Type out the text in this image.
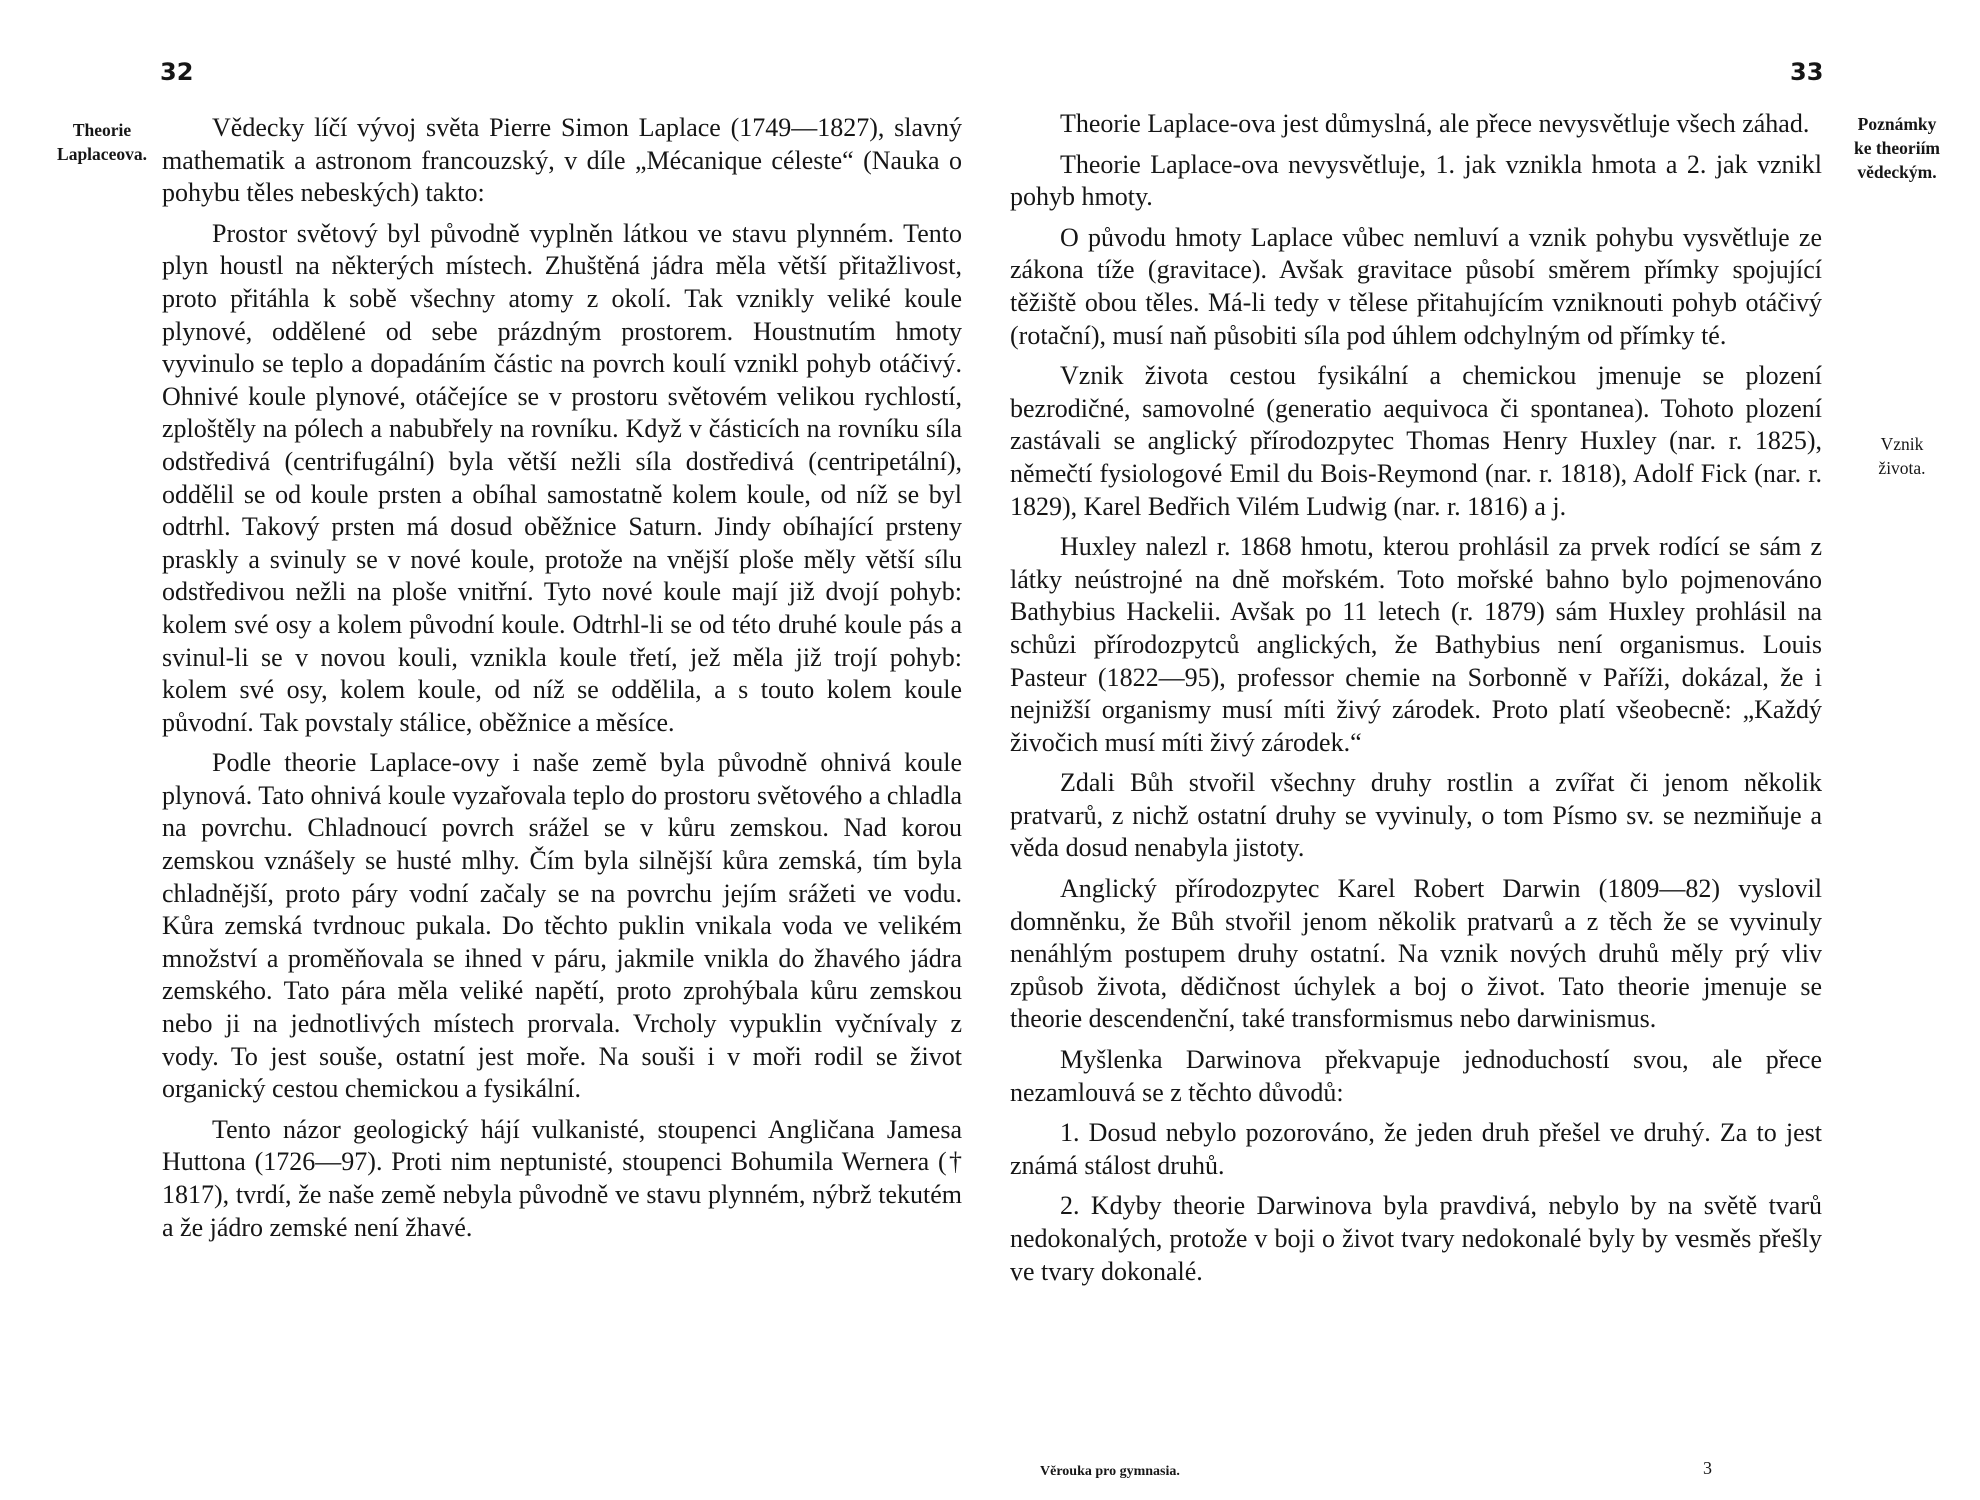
32
Theorie
Laplaceova.

Vědecky líčí vývoj světa Pierre Simon Laplace (1749—1827), slavný mathematik a astronom francouzský, v díle „Mécanique céleste“ (Nauka o pohybu těles nebeských) takto:

Prostor světový byl původně vyplněn látkou ve stavu plynném. Tento plyn houstl na některých místech. Zhuštěná jádra měla větší přitažlivost, proto přitáhla k sobě všechny atomy z okolí. Tak vznikly veliké koule plynové, oddělené od sebe prázdným prostorem. Houstnutím hmoty vyvinulo se teplo a dopadáním částic na povrch koulí vznikl pohyb otáčivý. Ohnivé koule plynové, otáčejíce se v prostoru světovém velikou rychlostí, zploštěly na pólech a nabubřely na rovníku. Když v částicích na rovníku síla odstředivá (centrifugální) byla větší nežli síla dostředivá (centripetální), oddělil se od koule prsten a obíhal samostatně kolem koule, od níž se byl odtrhl. Takový prsten má dosud oběžnice Saturn. Jindy obíhající prsteny praskly a svinuly se v nové koule, protože na vnější ploše měly větší sílu odstředivou nežli na ploše vnitřní. Tyto nové koule mají již dvojí pohyb: kolem své osy a kolem původní koule. Odtrhl-li se od této druhé koule pás a svinul-li se v novou kouli, vznikla koule třetí, jež měla již trojí pohyb: kolem své osy, kolem koule, od níž se oddělila, a s touto kolem koule původní. Tak povstaly stálice, oběžnice a měsíce.

Podle theorie Laplace-ovy i naše země byla původně ohnivá koule plynová. Tato ohnivá koule vyzařovala teplo do prostoru světového a chladla na povrchu. Chladnoucí povrch srážel se v kůru zemskou. Nad korou zemskou vznášely se husté mlhy. Čím byla silnější kůra zemská, tím byla chladnější, proto páry vodní začaly se na povrchu jejím srážeti ve vodu. Kůra zemská tvrdnouc pukala. Do těchto puklin vnikala voda ve velikém množství a proměňovala se ihned v páru, jakmile vnikla do žhavého jádra zemského. Tato pára měla veliké napětí, proto zprohýbala kůru zemskou nebo ji na jednotlivých místech prorvala. Vrcholy vypuklin vyčnívaly z vody. To jest souše, ostatní jest moře. Na souši i v moři rodil se život organický cestou chemickou a fysikální.

Tento názor geologický hájí vulkanisté, stoupenci Angličana Jamesa Huttona (1726—97). Proti nim neptunisté, stoupenci Bohumila Wernera († 1817), tvrdí, že naše země nebyla původně ve stavu plynném, nýbrž tekutém a že jádro zemské není žhavé.

33
Poznámky
ke theoriím
vědeckým.
Vznik
života.

Theorie Laplace-ova jest důmyslná, ale přece nevysvětluje všech záhad.

Theorie Laplace-ova nevysvětluje, 1. jak vznikla hmota a 2. jak vznikl pohyb hmoty.

O původu hmoty Laplace vůbec nemluví a vznik pohybu vysvětluje ze zákona tíže (gravitace). Avšak gravitace působí směrem přímky spojující těžiště obou těles. Má-li tedy v tělese přitahujícím vzniknouti pohyb otáčivý (rotační), musí naň působiti síla pod úhlem odchylným od přímky té.

Vznik života cestou fysikální a chemickou jmenuje se plození bezrodičné, samovolné (generatio aequivoca či spontanea). Tohoto plození zastávali se anglický přírodozpytec Thomas Henry Huxley (nar. r. 1825), němečtí fysiologové Emil du Bois-Reymond (nar. r. 1818), Adolf Fick (nar. r. 1829), Karel Bedřich Vilém Ludwig (nar. r. 1816) a j.

Huxley nalezl r. 1868 hmotu, kterou prohlásil za prvek rodící se sám z látky neústrojné na dně mořském. Toto mořské bahno bylo pojmenováno Bathybius Hackelii. Avšak po 11 letech (r. 1879) sám Huxley prohlásil na schůzi přírodozpytců anglických, že Bathybius není organismus. Louis Pasteur (1822—95), professor chemie na Sorbonně v Paříži, dokázal, že i nejnižší organismy musí míti živý zárodek. Proto platí všeobecně: „Každý živočich musí míti živý zárodek.“

Zdali Bůh stvořil všechny druhy rostlin a zvířat či jenom několik pratvarů, z nichž ostatní druhy se vyvinuly, o tom Písmo sv. se nezmiňuje a věda dosud nenabyla jistoty.

Anglický přírodozpytec Karel Robert Darwin (1809—82) vyslovil domněnku, že Bůh stvořil jenom několik pratvarů a z těch že se vyvinuly nenáhlým postupem druhy ostatní. Na vznik nových druhů měly prý vliv způsob života, dědičnost úchylek a boj o život. Tato theorie jmenuje se theorie descendenční, také transformismus nebo darwinismus.

Myšlenka Darwinova překvapuje jednoduchostí svou, ale přece nezamlouvá se z těchto důvodů:

1. Dosud nebylo pozorováno, že jeden druh přešel ve druhý. Za to jest známá stálost druhů.

2. Kdyby theorie Darwinova byla pravdivá, nebylo by na světě tvarů nedokonalých, protože v boji o život tvary nedokonalé byly by vesměs přešly ve tvary dokonalé.

Věrouka pro gymnasia.	3
